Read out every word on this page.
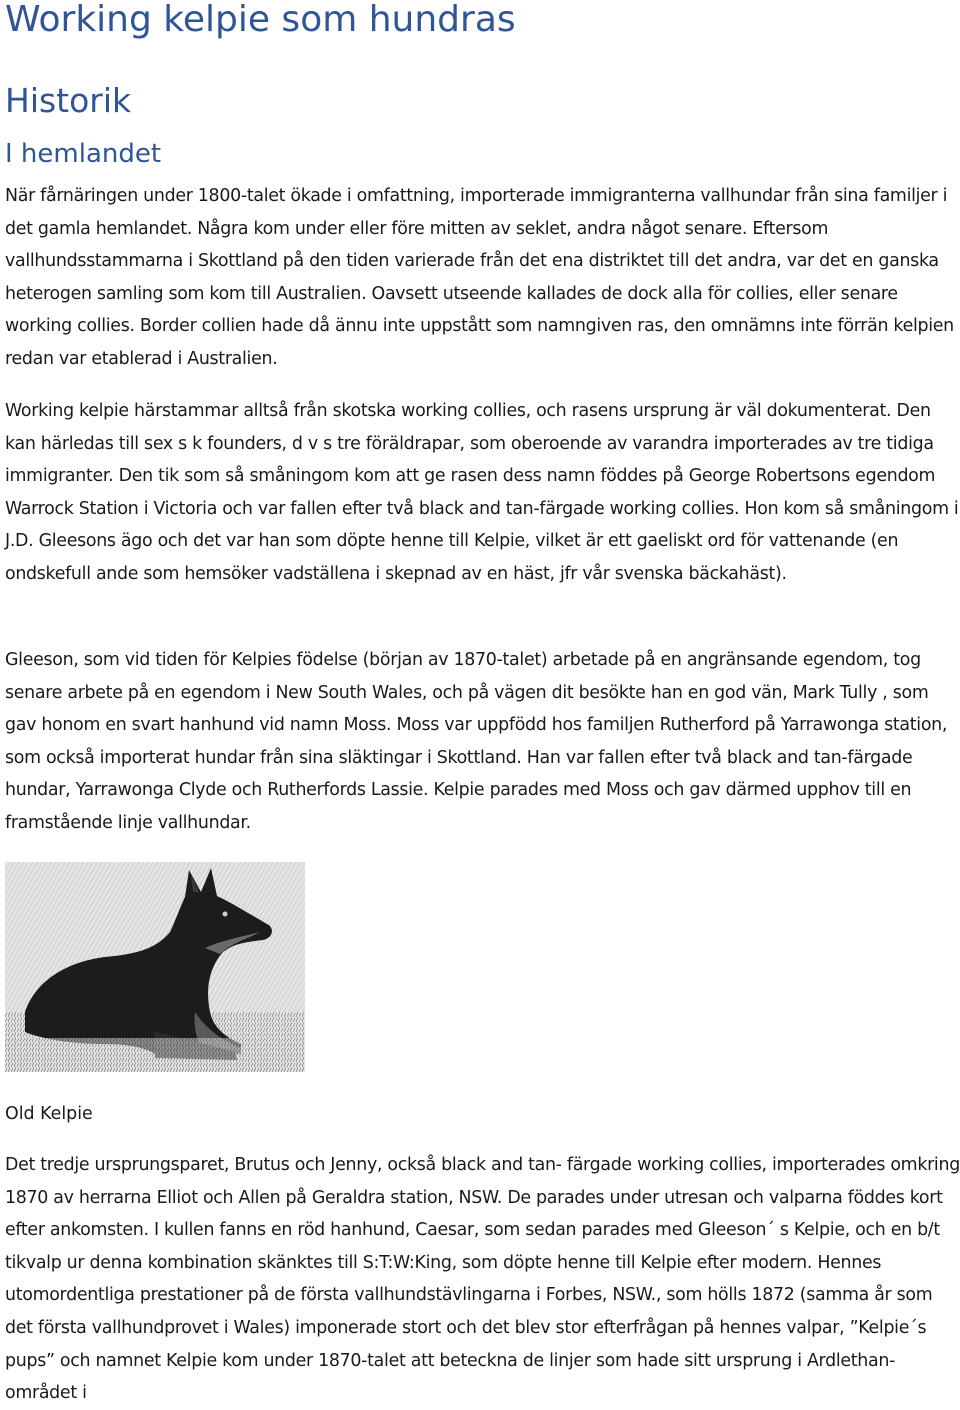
Working kelpie som hundras
Historik
I hemlandet

När fårnäringen under 1800-talet ökade i omfattning, importerade immigranterna vallhundar från sina familjer i det gamla hemlandet. Några kom under eller före mitten av seklet, andra något senare. Eftersom vallhundsstammarna i Skottland på den tiden varierade från det ena distriktet till det andra, var det en ganska heterogen samling som kom till Australien. Oavsett utseende kallades de dock alla för collies, eller senare working collies. Border collien hade då ännu inte uppstått som namngiven ras, den omnämns inte förrän kelpien redan var etablerad i Australien.

Working kelpie härstammar alltså från skotska working collies, och rasens ursprung är väl dokumenterat. Den kan härledas till sex s k founders, d v s tre föräldrapar, som oberoende av varandra importerades av tre tidiga immigranter. Den tik som så småningom kom att ge rasen dess namn föddes på George Robertsons egendom Warrock Station i Victoria och var fallen efter två black and tan-färgade working collies. Hon kom så småningom i J.D. Gleesons ägo och det var han som döpte henne till Kelpie, vilket är ett gaeliskt ord för vattenande (en ondskefull ande som hemsöker vadställena i skepnad av en häst, jfr vår svenska bäckahäst).

Gleeson, som vid tiden för Kelpies födelse (början av 1870-talet) arbetade på en angränsande egendom, tog senare arbete på en egendom i New South Wales, och på vägen dit besökte han en god vän, Mark Tully , som gav honom en svart hanhund vid namn Moss. Moss var uppfödd hos familjen Rutherford på Yarrawonga station, som också importerat hundar från sina släktingar i Skottland. Han var fallen efter två black and tan-färgade hundar, Yarrawonga Clyde och Rutherfords Lassie. Kelpie parades med Moss och gav därmed upphov till en framstående linje vallhundar.

Old Kelpie

Det tredje ursprungsparet, Brutus och Jenny, också black and tan- färgade working collies, importerades omkring 1870 av herrarna Elliot och Allen på Geraldra station, NSW. De parades under utresan och valparna föddes kort efter ankomsten. I kullen fanns en röd hanhund, Caesar, som sedan parades med Gleeson´ s Kelpie, och en b/t tikvalp ur denna kombination skänktes till S:T:W:King, som döpte henne till Kelpie efter modern. Hennes utomordentliga prestationer på de första vallhundstävlingarna i Forbes, NSW., som hölls 1872 (samma år som det första vallhundprovet i Wales) imponerade stort och det blev stor efterfrågan på hennes valpar, ”Kelpie´s pups” och namnet Kelpie kom under 1870-talet att beteckna de linjer som hade sitt ursprung i Ardlethan-området i
